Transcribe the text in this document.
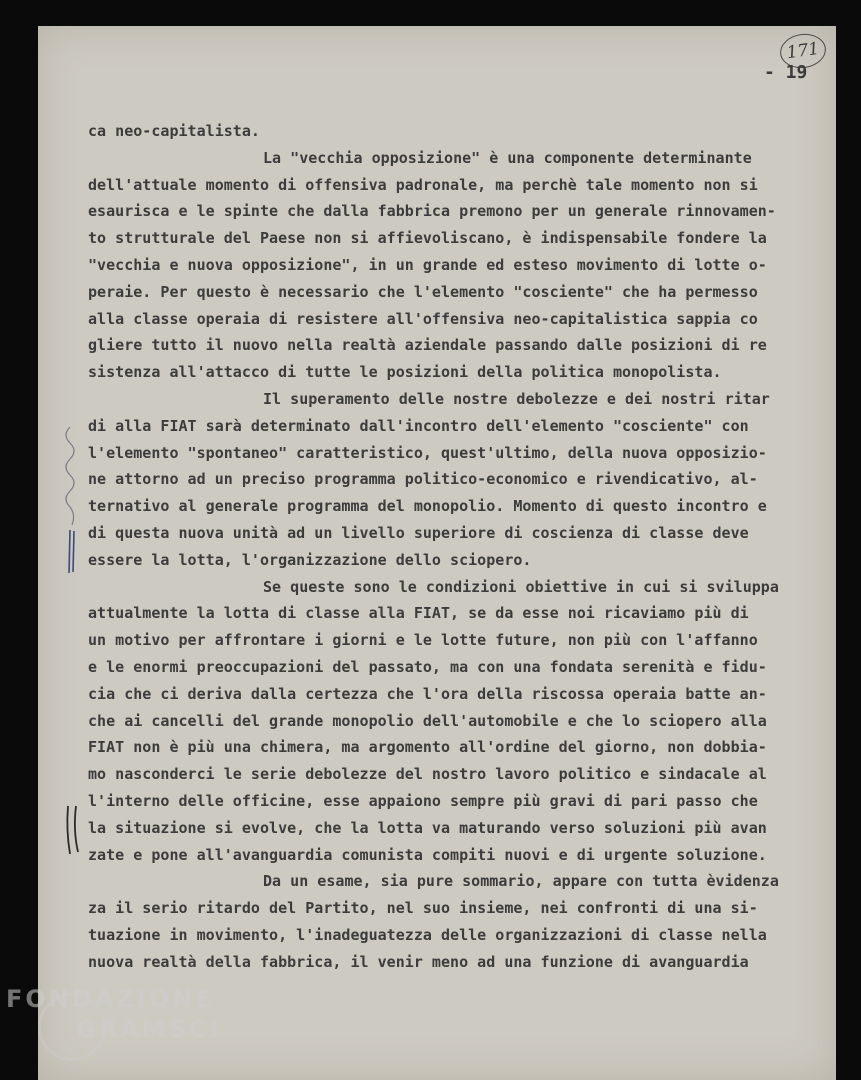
171
- 19
ca neo-capitalista.
La "vecchia opposizione" è una componente determinante
dell'attuale momento di offensiva padronale, ma perchè tale momento non si
esaurisca e le spinte che dalla fabbrica premono per un generale rinnovamen-
to strutturale del Paese non si affievoliscano, è indispensabile fondere la
"vecchia e nuova opposizione", in un grande ed esteso movimento di lotte o-
peraie. Per questo è necessario che l'elemento "cosciente" che ha permesso
alla classe operaia di resistere all'offensiva neo-capitalistica sappia co
gliere tutto il nuovo nella realtà aziendale passando dalle posizioni di re
sistenza all'attacco di tutte le posizioni della politica monopolista.
Il superamento delle nostre debolezze e dei nostri ritar
di alla FIAT sarà determinato dall'incontro dell'elemento "cosciente" con
l'elemento "spontaneo" caratteristico, quest'ultimo, della nuova opposizio-
ne attorno ad un preciso programma politico-economico e rivendicativo, al-
ternativo al generale programma del monopolio. Momento di questo incontro e
di questa nuova unità ad un livello superiore di coscienza di classe deve
essere la lotta, l'organizzazione dello sciopero.
Se queste sono le condizioni obiettive in cui si sviluppa
attualmente la lotta di classe alla FIAT, se da esse noi ricaviamo più di
un motivo per affrontare i giorni e le lotte future, non più con l'affanno
e le enormi preoccupazioni del passato, ma con una fondata serenità e fidu-
cia che ci deriva dalla certezza che l'ora della riscossa operaia batte an-
che ai cancelli del grande monopolio dell'automobile e che lo sciopero alla
FIAT non è più una chimera, ma argomento all'ordine del giorno, non dobbia-
mo nasconderci le serie debolezze del nostro lavoro politico e sindacale al
l'interno delle officine, esse appaiono sempre più gravi di pari passo che
la situazione si evolve, che la lotta va maturando verso soluzioni più avan
zate e pone all'avanguardia comunista compiti nuovi e di urgente soluzione.
Da un esame, sia pure sommario, appare con tutta èvidenza
za il serio ritardo del Partito, nel suo insieme, nei confronti di una si-
tuazione in movimento, l'inadeguatezza delle organizzazioni di classe nella
nuova realtà della fabbrica, il venir meno ad una funzione di avanguardia
FONDAZIONE
GRAMSCI
